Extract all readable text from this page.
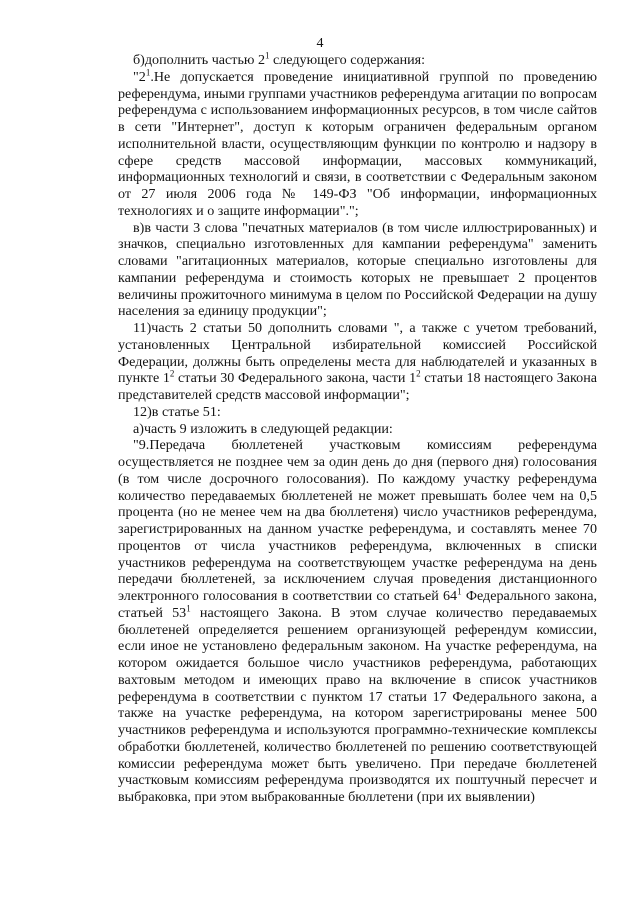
4

б)дополнить частью $2^1$ следующего содержания:

"$2^1.Не$ допускается проведение инициативной группой по проведению референдума, иными группами участников референдума агитации по вопросам референдума с использованием информационных ресурсов, в том числе сайтов в сети "Интернет", доступ к которым ограничен федеральным органом исполнительной власти, осуществляющим функции по контролю и надзору в сфере средств массовой информации, массовых коммуникаций, информационных технологий и связи, в соответствии с Федеральным законом от 27 июля 2006 года № 149-ФЗ "Об информации, информационных технологиях и о защите информации".";

в)в части 3 слова "печатных материалов (в том числе иллюстрированных) и значков, специально изготовленных для кампании референдума" заменить словами "агитационных материалов, которые специально изготовлены для кампании референдума и стоимость которых не превышает 2 процентов величины прожиточного минимума в целом по Российской Федерации на душу населения за единицу продукции";

11)часть 2 статьи 50 дополнить словами ", а также с учетом требований, установленных Центральной избирательной комиссией Российской Федерации, должны быть определены места для наблюдателей и указанных в пункте $1^2$ статьи 30 Федерального закона, части $1^2$ статьи 18 настоящего Закона представителей средств массовой информации";

12)в статье 51:

а)часть 9 изложить в следующей редакции:

"9.Передача бюллетеней участковым комиссиям референдума осуществляется не позднее чем за один день до дня (первого дня) голосования (в том числе досрочного голосования). По каждому участку референдума количество передаваемых бюллетеней не может превышать более чем на 0,5 процента (но не менее чем на два бюллетеня) число участников референдума, зарегистрированных на данном участке референдума, и составлять менее 70 процентов от числа участников референдума, включенных в списки участников референдума на соответствующем участке референдума на день передачи бюллетеней, за исключением случая проведения дистанционного электронного голосования в соответствии со статьей $64^1$ Федерального закона, статьей $53^1$ настоящего Закона. В этом случае количество передаваемых бюллетеней определяется решением организующей референдум комиссии, если иное не установлено федеральным законом. На участке референдума, на котором ожидается большое число участников референдума, работающих вахтовым методом и имеющих право на включение в список участников референдума в соответствии с пунктом 17 статьи 17 Федерального закона, а также на участке референдума, на котором зарегистрированы менее 500 участников референдума и используются программно-технические комплексы обработки бюллетеней, количество бюллетеней по решению соответствующей комиссии референдума может быть увеличено. При передаче бюллетеней участковым комиссиям референдума производятся их поштучный пересчет и выбраковка, при этом выбракованные бюллетени (при их выявлении)
